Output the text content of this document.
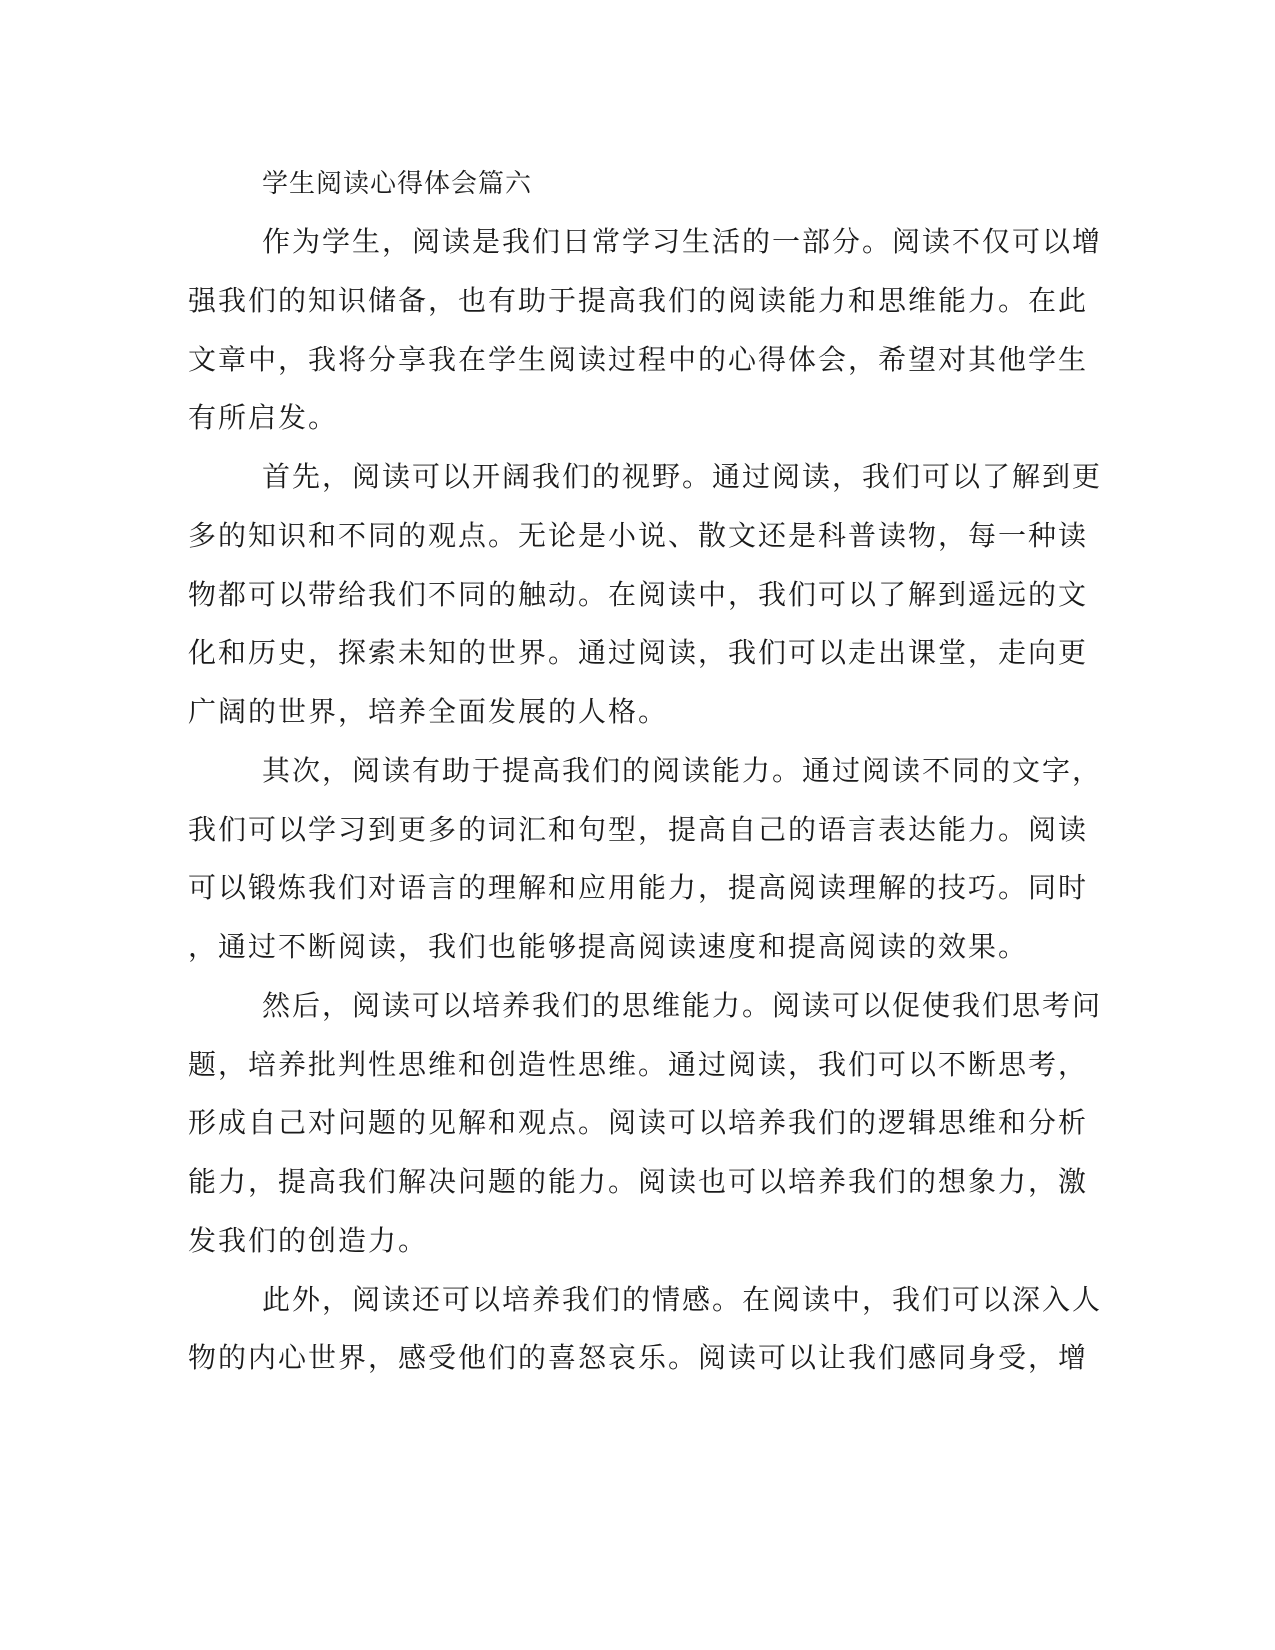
学生阅读心得体会篇六
作为学生，阅读是我们日常学习生活的一部分。阅读不仅可以增
强我们的知识储备，也有助于提高我们的阅读能力和思维能力。在此
文章中，我将分享我在学生阅读过程中的心得体会，希望对其他学生
有所启发。
首先，阅读可以开阔我们的视野。通过阅读，我们可以了解到更
多的知识和不同的观点。无论是小说、散文还是科普读物，每一种读
物都可以带给我们不同的触动。在阅读中，我们可以了解到遥远的文
化和历史，探索未知的世界。通过阅读，我们可以走出课堂，走向更
广阔的世界，培养全面发展的人格。
其次，阅读有助于提高我们的阅读能力。通过阅读不同的文字，
我们可以学习到更多的词汇和句型，提高自己的语言表达能力。阅读
可以锻炼我们对语言的理解和应用能力，提高阅读理解的技巧。同时
，通过不断阅读，我们也能够提高阅读速度和提高阅读的效果。
然后，阅读可以培养我们的思维能力。阅读可以促使我们思考问
题，培养批判性思维和创造性思维。通过阅读，我们可以不断思考，
形成自己对问题的见解和观点。阅读可以培养我们的逻辑思维和分析
能力，提高我们解决问题的能力。阅读也可以培养我们的想象力，激
发我们的创造力。
此外，阅读还可以培养我们的情感。在阅读中，我们可以深入人
物的内心世界，感受他们的喜怒哀乐。阅读可以让我们感同身受，增
